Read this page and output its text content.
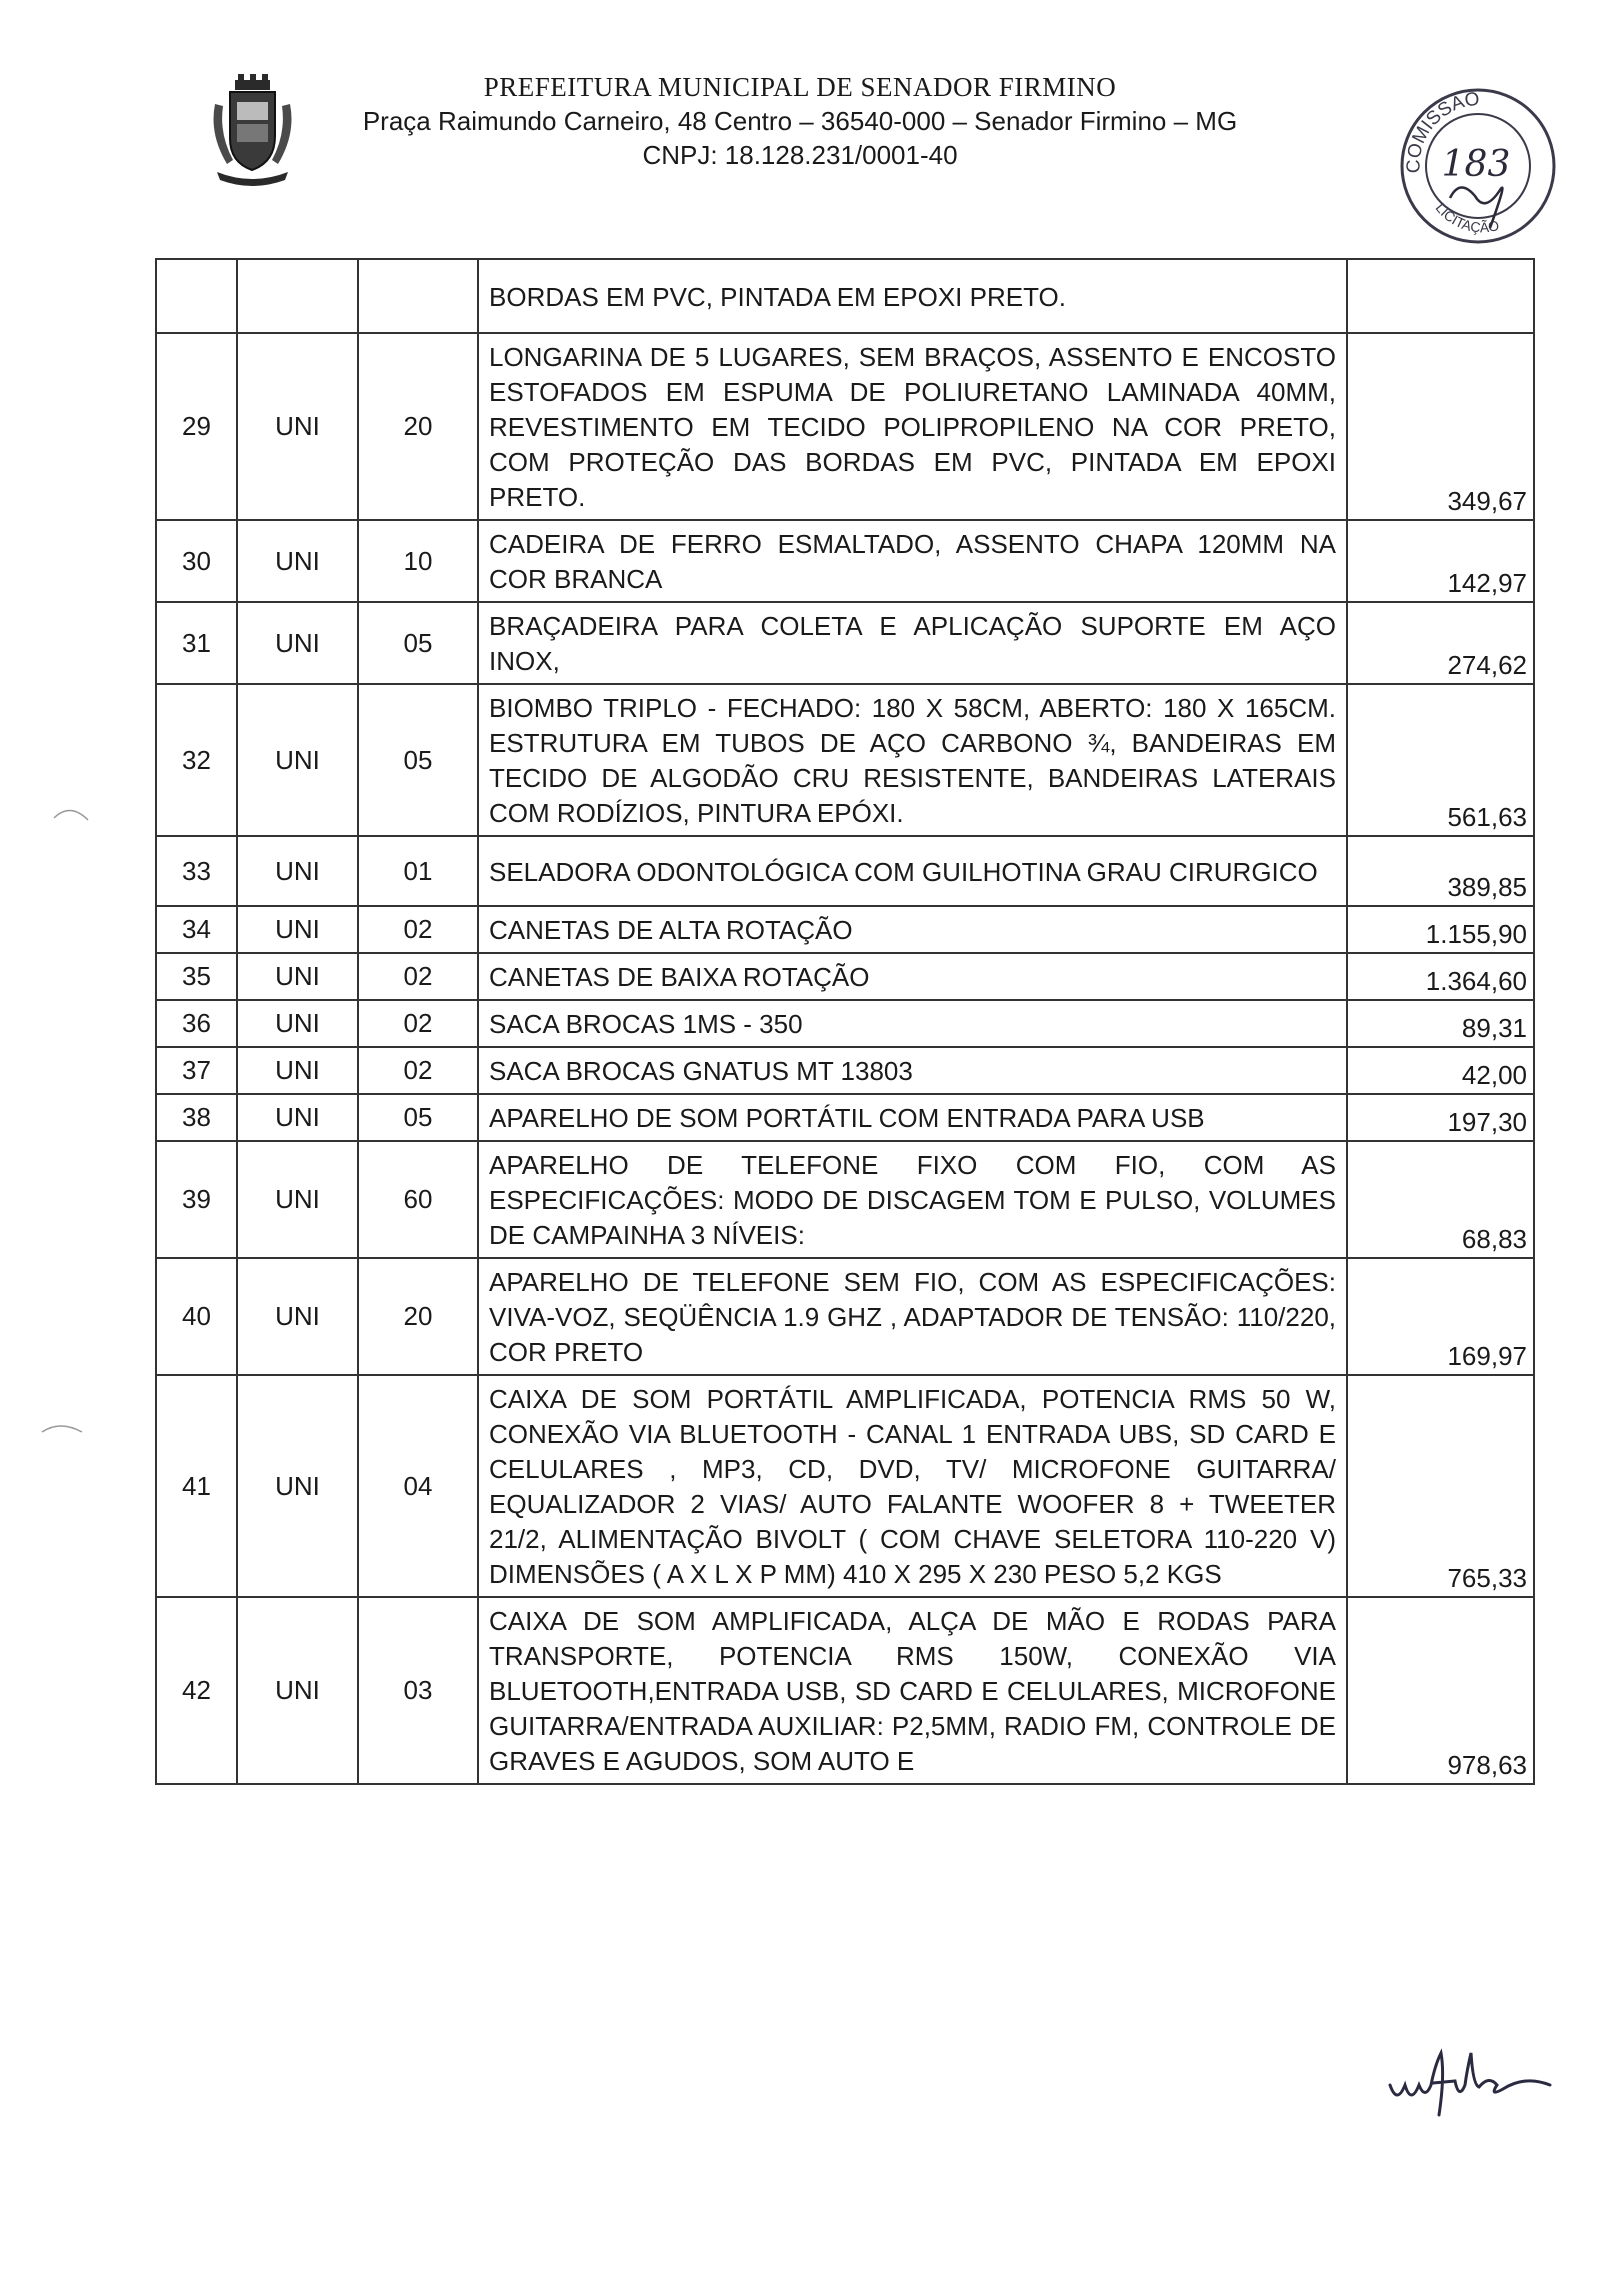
PREFEITURA MUNICIPAL DE SENADOR FIRMINO
Praça Raimundo Carneiro, 48 Centro – 36540-000 – Senador Firmino – MG
CNPJ: 18.128.231/0001-40	COMISSÃO
LICITAÇÃO
183
			BORDAS EM PVC, PINTADA EM EPOXI PRETO.	
29	UNI	20	LONGARINA DE 5 LUGARES, SEM BRAÇOS, ASSENTO E ENCOSTO ESTOFADOS EM ESPUMA DE POLIURETANO LAMINADA 40MM, REVESTIMENTO EM TECIDO POLIPROPILENO NA COR PRETO, COM PROTEÇÃO DAS BORDAS EM PVC, PINTADA EM EPOXI PRETO.	349,67
30	UNI	10	CADEIRA DE FERRO ESMALTADO, ASSENTO CHAPA 120MM NA COR BRANCA	142,97
31	UNI	05	BRAÇADEIRA PARA COLETA E APLICAÇÃO SUPORTE EM AÇO INOX,	274,62
32	UNI	05	BIOMBO TRIPLO - FECHADO: 180 X 58CM, ABERTO: 180 X 165CM. ESTRUTURA EM TUBOS DE AÇO CARBONO ¾, BANDEIRAS EM TECIDO DE ALGODÃO CRU RESISTENTE, BANDEIRAS LATERAIS COM RODÍZIOS, PINTURA EPÓXI.	561,63
33	UNI	01	SELADORA ODONTOLÓGICA COM GUILHOTINA GRAU CIRURGICO	389,85
34	UNI	02	CANETAS DE ALTA ROTAÇÃO	1.155,90
35	UNI	02	CANETAS DE BAIXA ROTAÇÃO	1.364,60
36	UNI	02	SACA BROCAS 1MS - 350	89,31
37	UNI	02	SACA BROCAS GNATUS MT 13803	42,00
38	UNI	05	APARELHO DE SOM PORTÁTIL COM ENTRADA PARA USB	197,30
39	UNI	60	APARELHO DE TELEFONE FIXO COM FIO, COM AS ESPECIFICAÇÕES: MODO DE DISCAGEM TOM E PULSO, VOLUMES DE CAMPAINHA 3 NÍVEIS:	68,83
40	UNI	20	APARELHO DE TELEFONE SEM FIO, COM AS ESPECIFICAÇÕES: VIVA-VOZ, SEQÜÊNCIA 1.9 GHZ , ADAPTADOR DE TENSÃO: 110/220, COR PRETO	169,97
41	UNI	04	CAIXA DE SOM PORTÁTIL AMPLIFICADA, POTENCIA RMS 50 W, CONEXÃO VIA BLUETOOTH - CANAL 1 ENTRADA UBS, SD CARD E CELULARES , MP3, CD, DVD, TV/ MICROFONE GUITARRA/ EQUALIZADOR 2 VIAS/ AUTO FALANTE WOOFER 8 + TWEETER 21/2, ALIMENTAÇÃO BIVOLT ( COM CHAVE SELETORA 110-220 V) DIMENSÕES ( A X L X P MM) 410 X 295 X 230 PESO 5,2 KGS	765,33
42	UNI	03	CAIXA DE SOM AMPLIFICADA, ALÇA DE MÃO E RODAS PARA TRANSPORTE, POTENCIA RMS 150W, CONEXÃO VIA BLUETOOTH,ENTRADA USB, SD CARD E CELULARES, MICROFONE GUITARRA/ENTRADA AUXILIAR: P2,5MM, RADIO FM, CONTROLE DE GRAVES E AGUDOS, SOM AUTO E	978,63
